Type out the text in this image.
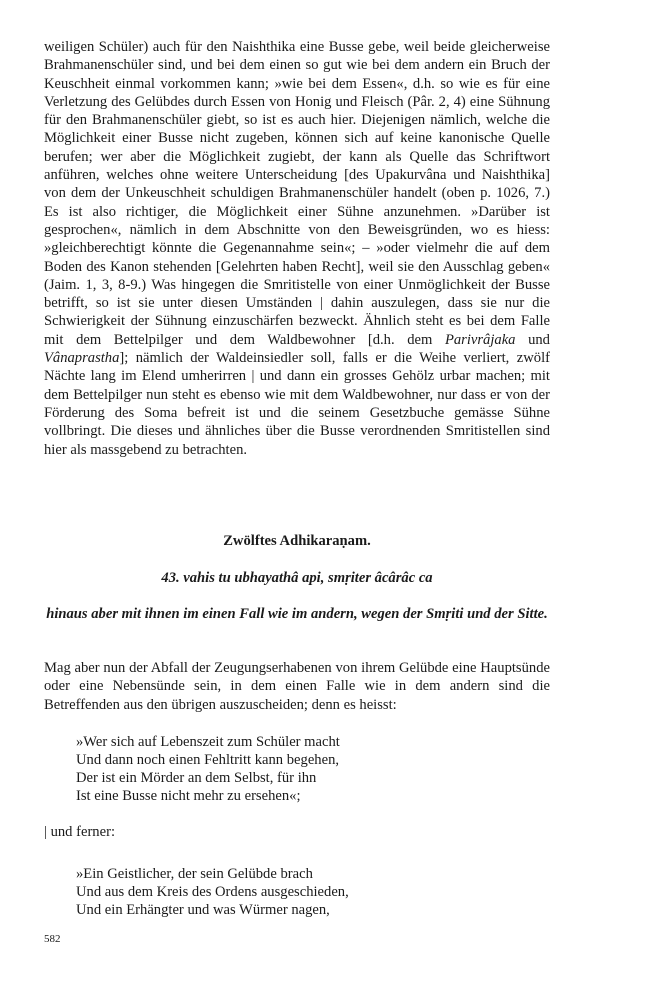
weiligen Schüler) auch für den Naishthika eine Busse gebe, weil beide gleicherweise Brahmanenschüler sind, und bei dem einen so gut wie bei dem andern ein Bruch der Keuschheit einmal vorkommen kann; »wie bei dem Essen«, d.h. so wie es für eine Verletzung des Gelübdes durch Essen von Honig und Fleisch (Pâr. 2, 4) eine Sühnung für den Brahmanenschüler giebt, so ist es auch hier. Diejenigen nämlich, welche die Möglichkeit einer Busse nicht zugeben, können sich auf keine kanonische Quelle berufen; wer aber die Möglichkeit zugiebt, der kann als Quelle das Schriftwort anführen, welches ohne weitere Unterscheidung [des Upakurvâna und Naishthika] von dem der Unkeuschheit schuldigen Brahmanenschüler handelt (oben p. 1026, 7.) Es ist also richtiger, die Möglichkeit einer Sühne anzunehmen. »Darüber ist gesprochen«, nämlich in dem Abschnitte von den Beweisgründen, wo es hiess: »gleichberechtigt könnte die Gegenannahme sein«; – »oder vielmehr die auf dem Boden des Kanon stehenden [Gelehrten haben Recht], weil sie den Ausschlag geben« (Jaim. 1, 3, 8-9.) Was hingegen die Smritistelle von einer Unmöglichkeit der Busse betrifft, so ist sie unter diesen Umständen | dahin auszulegen, dass sie nur die Schwierigkeit der Sühnung einzuschärfen bezweckt. Ähnlich steht es bei dem Falle mit dem Bettelpilger und dem Waldbewohner [d.h. dem Parivrâjaka und Vânaprastha]; nämlich der Waldeinsiedler soll, falls er die Weihe verliert, zwölf Nächte lang im Elend umherirren | und dann ein grosses Gehölz urbar machen; mit dem Bettelpilger nun steht es ebenso wie mit dem Waldbewohner, nur dass er von der Förderung des Soma befreit ist und die seinem Gesetzbuche gemässe Sühne vollbringt. Die dieses und ähnliches über die Busse verordnenden Smritistellen sind hier als massgebend zu betrachten.

Zwölftes Adhikaraṇam.
43. vahis tu ubhayathâ api, smṛiter âcârâc ca
hinaus aber mit ihnen im einen Fall wie im andern, wegen der Smṛiti und der Sitte.
Mag aber nun der Abfall der Zeugungserhabenen von ihrem Gelübde eine Hauptsünde oder eine Nebensünde sein, in dem einen Falle wie in dem andern sind die Betreffenden aus den übrigen auszuscheiden; denn es heisst:
»Wer sich auf Lebenszeit zum Schüler macht
Und dann noch einen Fehltritt kann begehen,
Der ist ein Mörder an dem Selbst, für ihn
Ist eine Busse nicht mehr zu ersehen«;
| und ferner:
»Ein Geistlicher, der sein Gelübde brach
Und aus dem Kreis des Ordens ausgeschieden,
Und ein Erhängter und was Würmer nagen,
582
